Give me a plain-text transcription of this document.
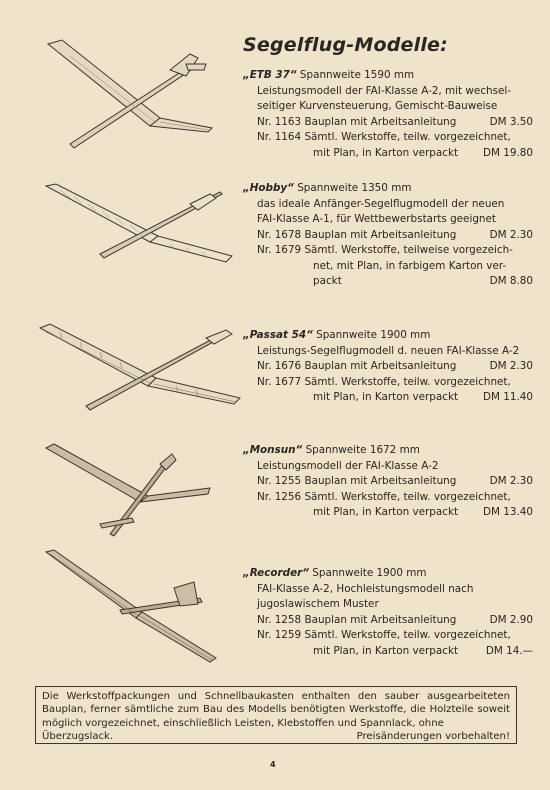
Segelflug-Modelle:
„ETB 37“ Spannweite 1590 mm
Leistungsmodell der FAI-Klasse A-2, mit wechsel-
seitiger Kurvensteuerung, Gemischt-Bauweise
Nr. 1163 Bauplan mit Arbeitsanleitung	DM 3.50
Nr. 1164 Sämtl. Werkstoffe, teilw. vorgezeichnet,
mit Plan, in Karton verpackt DM 19.80
„Hobby“ Spannweite 1350 mm
das ideale Anfänger-Segelflugmodell der neuen
FAI-Klasse A-1, für Wettbewerbstarts geeignet
Nr. 1678 Bauplan mit Arbeitsanleitung	DM 2.30
Nr. 1679 Sämtl. Werkstoffe, teilweise vorgezeich-
net, mit Plan, in farbigem Karton ver-
packt	DM 8.80
„Passat 54“ Spannweite 1900 mm
Leistungs-Segelflugmodell d. neuen FAI-Klasse A-2
Nr. 1676 Bauplan mit Arbeitsanleitung	DM 2.30
Nr. 1677 Sämtl. Werkstoffe, teilw. vorgezeichnet,
mit Plan, in Karton verpackt DM 11.40
„Monsun“ Spannweite 1672 mm
Leistungsmodell der FAI-Klasse A-2
Nr. 1255 Bauplan mit Arbeitsanleitung	DM 2.30
Nr. 1256 Sämtl. Werkstoffe, teilw. vorgezeichnet,
mit Plan, in Karton verpackt DM 13.40
„Recorder“ Spannweite 1900 mm
FAI-Klasse A-2, Hochleistungsmodell nach
jugoslawischem Muster
Nr. 1258 Bauplan mit Arbeitsanleitung	DM 2.90
Nr. 1259 Sämtl. Werkstoffe, teilw. vorgezeichnet,
mit Plan, in Karton verpackt	DM 14.—
Die Werkstoffpackungen und Schnellbaukasten enthalten den sauber ausgearbeiteten Bauplan, ferner sämtliche zum Bau des Modells benötigten Werkstoffe, die Holzteile soweit möglich vorgezeichnet, einschließlich Leisten, Klebstoffen und Spannlack, ohne
Überzugslack.	Preisänderungen vorbehalten!
4
